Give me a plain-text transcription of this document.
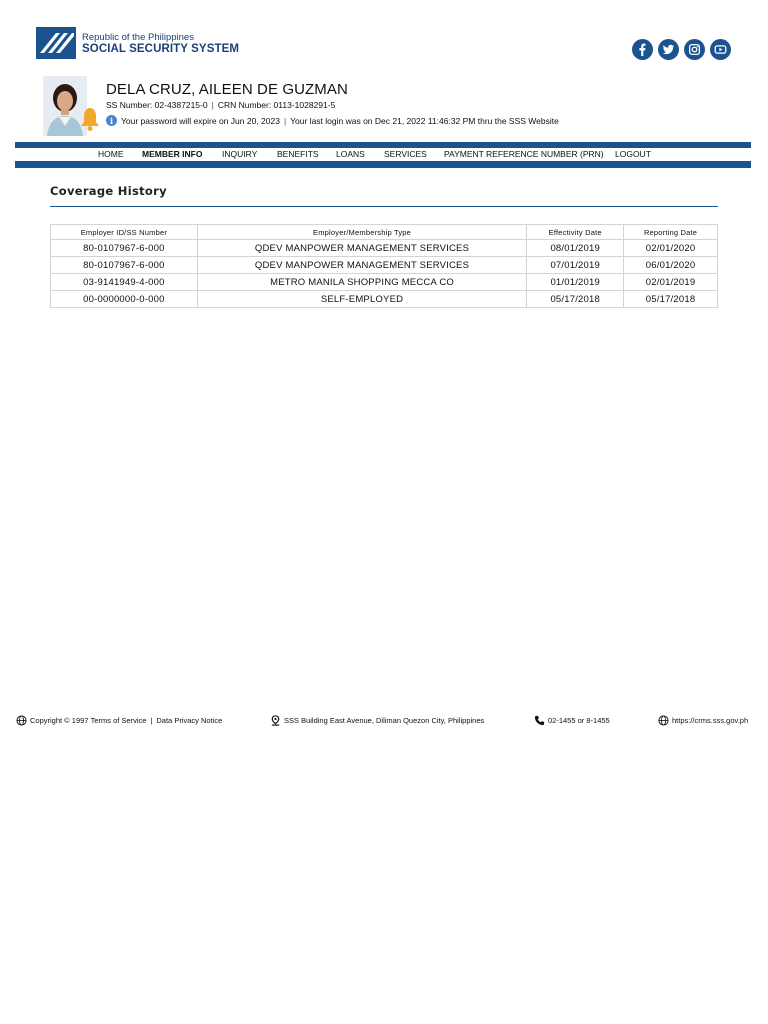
Republic of the Philippines
SOCIAL SECURITY SYSTEM
DELA CRUZ, AILEEN DE GUZMAN
SS Number: 02-4387215-0 | CRN Number: 0113-1028291-5
i Your password will expire on Jun 20, 2023 | Your last login was on Dec 21, 2022 11:46:32 PM thru the SSS Website
HOME MEMBER INFO INQUIRY BENEFITS LOANS SERVICES PAYMENT REFERENCE NUMBER (PRN) LOGOUT
Coverage History
Employer ID/SS Number	Employer/Membership Type	Effectivity Date	Reporting Date
80-0107967-6-000	QDEV MANPOWER MANAGEMENT SERVICES	08/01/2019	02/01/2020
80-0107967-6-000	QDEV MANPOWER MANAGEMENT SERVICES	07/01/2019	06/01/2020
03-9141949-4-000	METRO MANILA SHOPPING MECCA CO	01/01/2019	02/01/2019
00-0000000-0-000	SELF-EMPLOYED	05/17/2018	05/17/2018
Copyright © 1997
Terms of Service | Data Privacy Notice	SSS Building East Avenue, Diliman Quezon City, Philippines	02-1455 or 8-1455	https://crms.sss.gov.ph
